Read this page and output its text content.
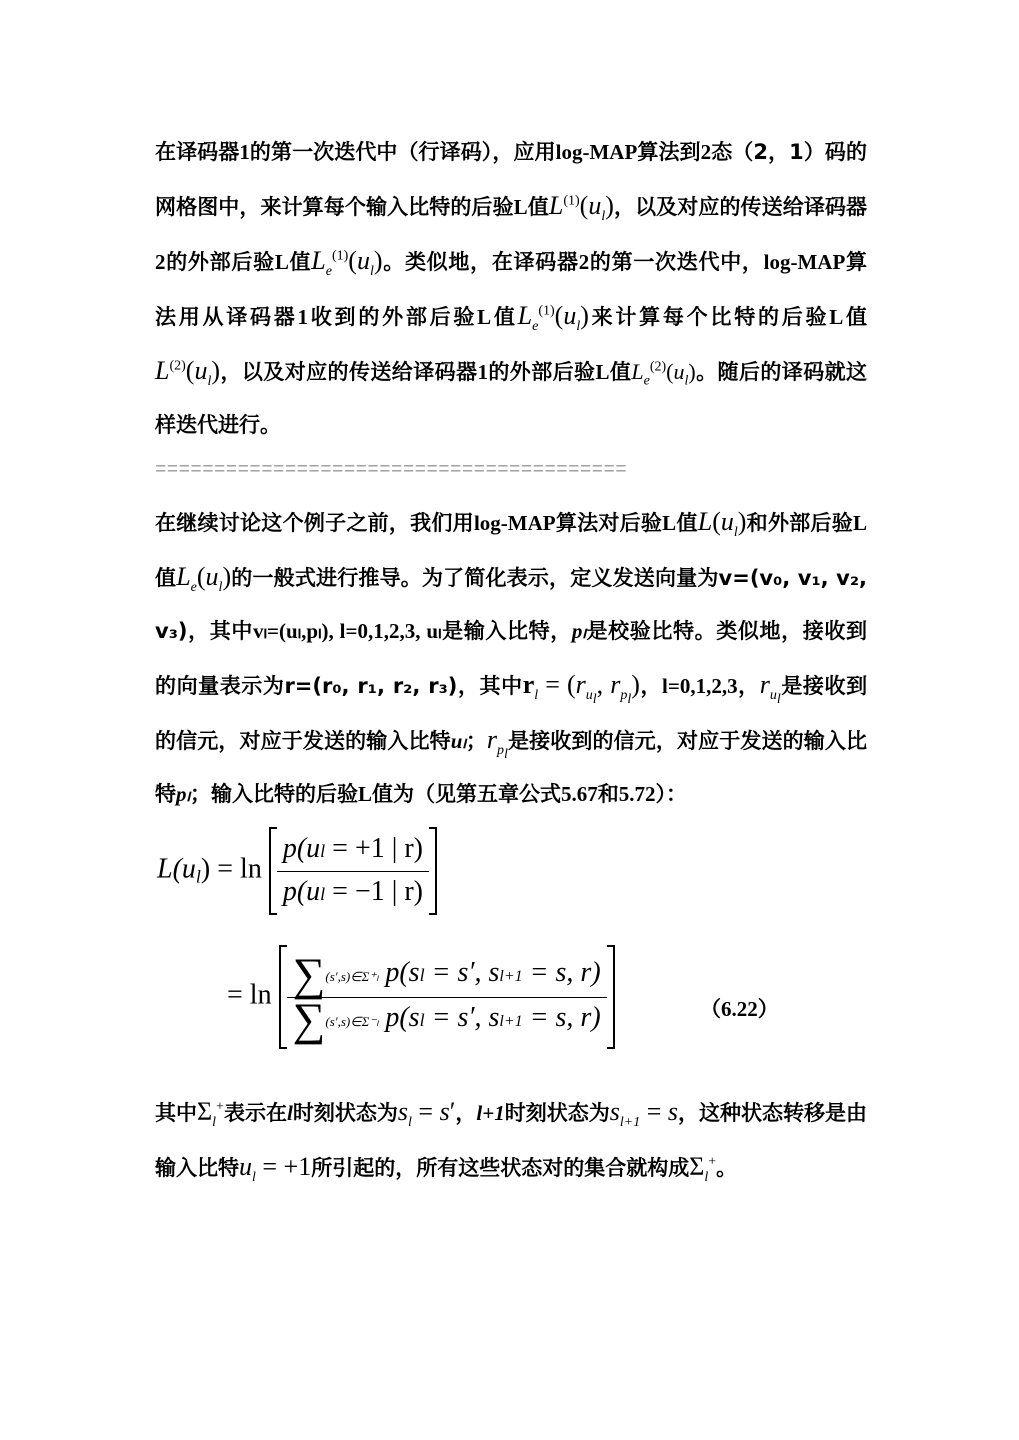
在译码器1的第一次迭代中（行译码），应用log-MAP算法到2态（2，1）码的网格图中，来计算每个输入比特的后验L值$L^{(1)}(u_l)$，以及对应的传送给译码器2的外部后验L值$L_e^{(1)}(u_l)$。类似地，在译码器2的第一次迭代中，log-MAP算法用从译码器1收到的外部后验L值$L_e^{(1)}(u_l)$来计算每个比特的后验L值$L^{(2)}(u_l)$，以及对应的传送给译码器1的外部后验L值$L_e^{(2)}(u_l)$。随后的译码就这样迭代进行。

========================================

在继续讨论这个例子之前，我们用log-MAP算法对后验L值$L(u_l)$和外部后验L值$L_e(u_l)$的一般式进行推导。为了简化表示，定义发送向量为v=(v₀, v₁, v₂, v₃)，其中vₗ=(uₗ,pₗ), l=0,1,2,3, uₗ是输入比特，pₗ是校验比特。类似地，接收到的向量表示为r=(r₀, r₁, r₂, r₃)，其中$r_l = (r_{u_l}$, $r_{p_l}$)，l=0,1,2,3，$r_{u_l}$是接收到的信元，对应于发送的输入比特uₗ；$r_{p_l}$是接收到的信元，对应于发送的输入比特pₗ；输入比特的后验L值为（见第五章公式5.67和5.72）：

$L(ul) = \ln \frac{p(ul = +1 | r)}{p(ul = -1 | r)}$
= $\ln \frac{\text{∑(s′,s)∈Σ⁺ₗ p(sl = s′, sl+1 = s, r)}}{\text{∑(s′,s)∈Σ⁻ₗ p(sl = s′, sl+1 = s, r)}}$	（6.22）

其中$\Sigma_l^+$表示在l时刻状态为$s_l = s'$，l+1时刻状态为$s_{l+1} = s$，这种状态转移是由输入比特$u_l = +1$所引起的，所有这些状态对的集合就构成$\Sigma_l^+$。
